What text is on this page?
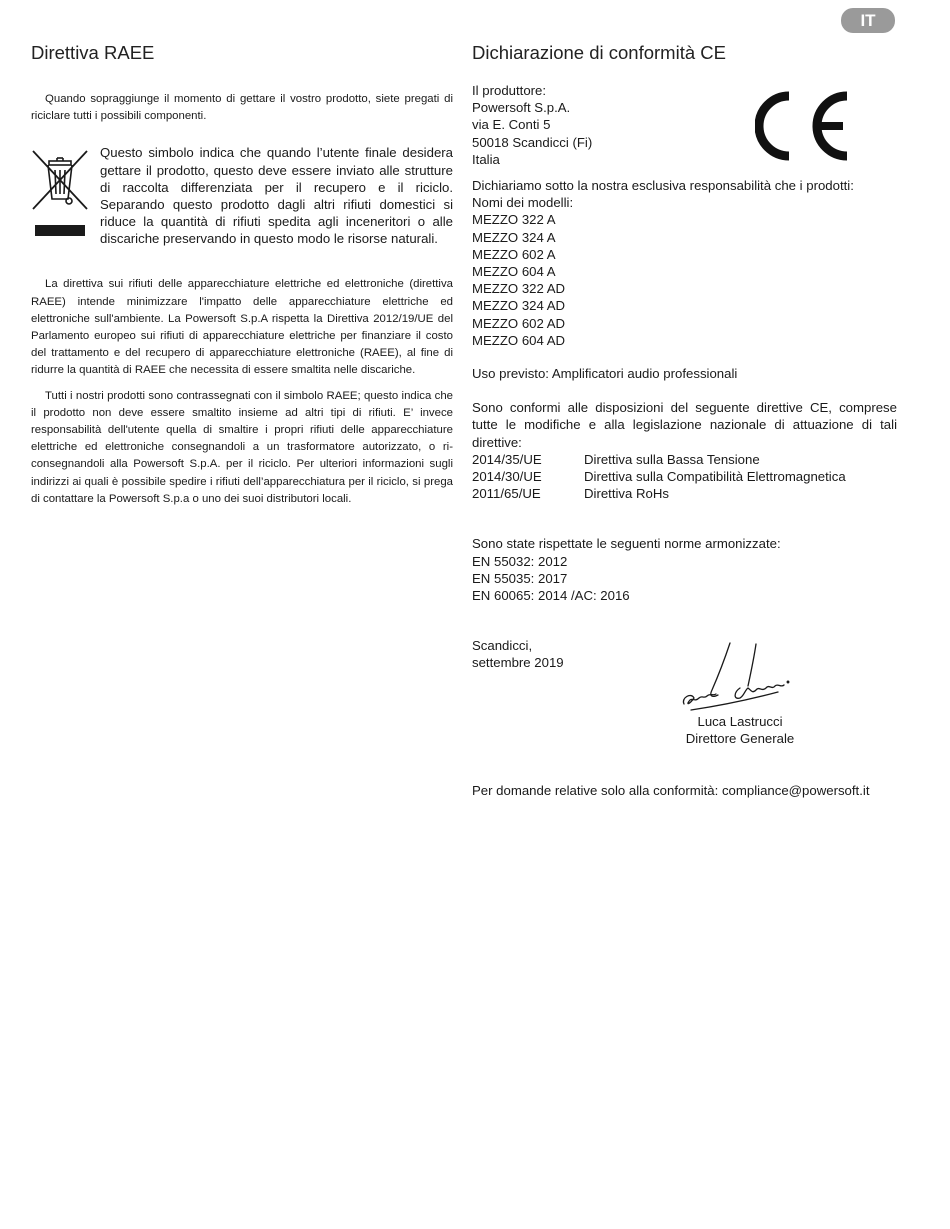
IT
Direttiva RAEE

Quando sopraggiunge il momento di gettare il vostro prodotto, siete pregati di riciclare tutti i possibili componenti.

Questo simbolo indica che quando l’utente finale desidera gettare il prodotto, questo deve essere inviato alle strutture di raccolta differenziata per il recupero e il riciclo. Separando questo prodotto dagli altri rifiuti domestici si riduce la quantità di rifiuti spedita agli inceneritori o alle discariche preservando in questo modo le risorse naturali.

La direttiva sui rifiuti delle apparecchiature elettriche ed elettroniche (direttiva RAEE) intende minimizzare l'impatto delle apparecchiature elettriche ed elettroniche sull'ambiente. La Powersoft S.p.A rispetta la Direttiva 2012/19/UE del Parlamento europeo sui rifiuti di apparecchiature elettriche per finanziare il costo del trattamento e del recupero di apparecchiature elettroniche (RAEE), al fine di ridurre la quantità di RAEE che necessita di essere smaltita nelle discariche.

Tutti i nostri prodotti sono contrassegnati con il simbolo RAEE; questo indica che il prodotto non deve essere smaltito insieme ad altri tipi di rifiuti. E’ invece responsabilità dell'utente quella di smaltire i propri rifiuti delle apparecchiature elettriche ed elettroniche consegnandoli a un trasformatore autorizzato, o ri-consegnandoli alla Powersoft S.p.A. per il riciclo. Per ulteriori informazioni sugli indirizzi ai quali è possibile spedire i rifiuti dell’apparecchiatura per il riciclo, si prega di contattare la Powersoft S.p.a o uno dei suoi distributori locali.

Dichiarazione di conformità CE

Il produttore:

Powersoft S.p.A.

via E. Conti 5

50018 Scandicci (Fi)

Italia

Dichiariamo sotto la nostra esclusiva responsabilità che i prodotti:

Nomi dei modelli:

MEZZO 322 A

MEZZO 324 A

MEZZO 602 A

MEZZO 604 A

MEZZO 322 AD

MEZZO 324 AD

MEZZO 602 AD

MEZZO 604 AD

Uso previsto: Amplificatori audio professionali

Sono conformi alle disposizioni del seguente direttive CE, comprese tutte le modifiche e alla legislazione nazionale di attuazione di tali direttive:

2014/35/UE	Direttiva sulla Bassa Tensione
2014/30/UE	Direttiva sulla Compatibilità Elettromagnetica
2011/65/UE	Direttiva RoHs

Sono state rispettate le seguenti norme armonizzate:

EN 55032: 2012

EN 55035: 2017

EN 60065: 2014 /AC: 2016

Scandicci,

settembre 2019

Luca Lastrucci

Direttore Generale

Per domande relative solo alla conformità: compliance@powersoft.it
